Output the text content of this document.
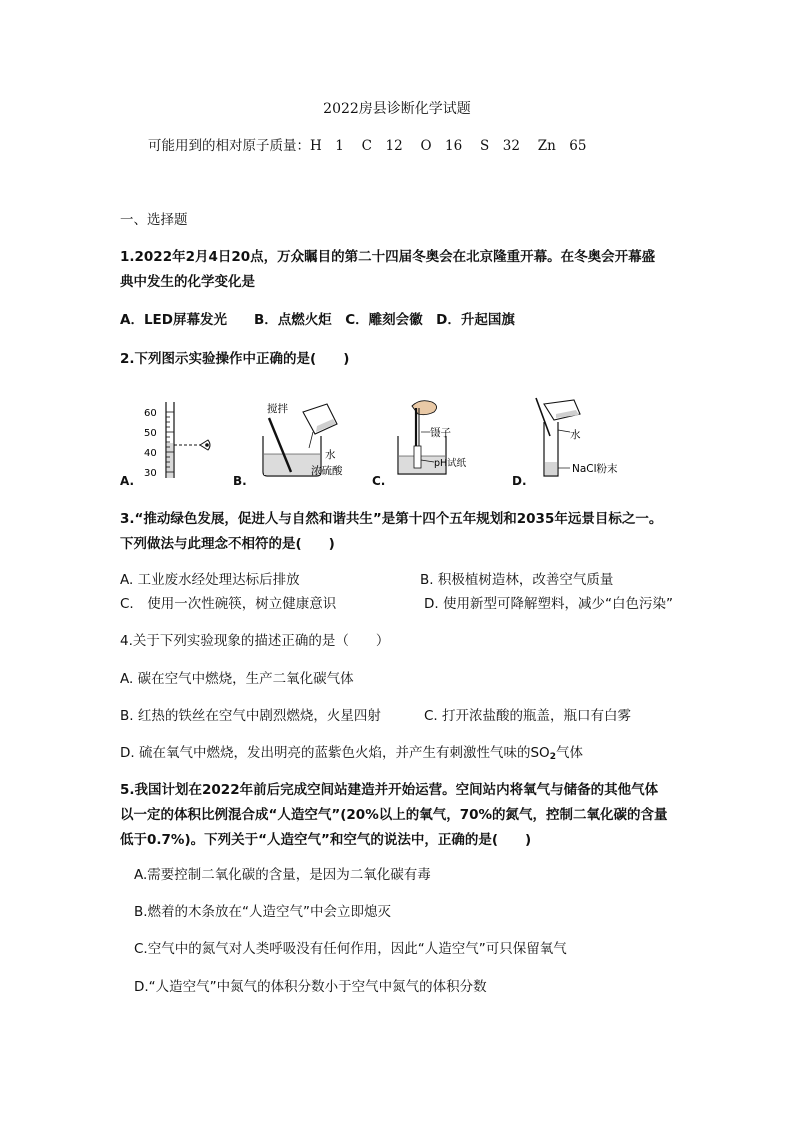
2022房县诊断化学试题
可能用到的相对原子质量：H　1　 C　12　 O　16　 S　32　 Zn　65
一、选择题
1.2022年2月4日20点，万众瞩目的第二十四届冬奥会在北京隆重开幕。在冬奥会开幕盛
典中发生的化学变化是
A．LED屏幕发光　　B．点燃火炬　C．雕刻会徽　D．升起国旗
2.下列图示实验操作中正确的是(　　)
60
50
40
30
搅拌
水
浓硫酸
镊子
pH试纸
水
NaCl粉末
A.	B.	C.	D.
3.“推动绿色发展，促进人与自然和谐共生”是第十四个五年规划和2035年远景目标之一。
下列做法与此理念不相符的是(　　)
A. 工业废水经处理达标后排放	B. 积极植树造林，改善空气质量
C.　使用一次性碗筷，树立健康意识	D. 使用新型可降解塑料，减少“白色污染”
4.关于下列实验现象的描述正确的是（　　）
A. 碳在空气中燃烧，生产二氧化碳气体
B. 红热的铁丝在空气中剧烈燃烧，火星四射	C. 打开浓盐酸的瓶盖，瓶口有白雾
D. 硫在氧气中燃烧，发出明亮的蓝紫色火焰，并产生有刺激性气味的$SO_2$气体
5.我国计划在2022年前后完成空间站建造并开始运营。空间站内将氧气与储备的其他气体
以一定的体积比例混合成“人造空气”(20%以上的氧气，70%的氮气，控制二氧化碳的含量
低于0.7%)。下列关于“人造空气”和空气的说法中，正确的是(　　)
A.需要控制二氧化碳的含量，是因为二氧化碳有毒
B.燃着的木条放在“人造空气”中会立即熄灭
C.空气中的氮气对人类呼吸没有任何作用，因此“人造空气”可只保留氧气
D.“人造空气”中氮气的体积分数小于空气中氮气的体积分数
